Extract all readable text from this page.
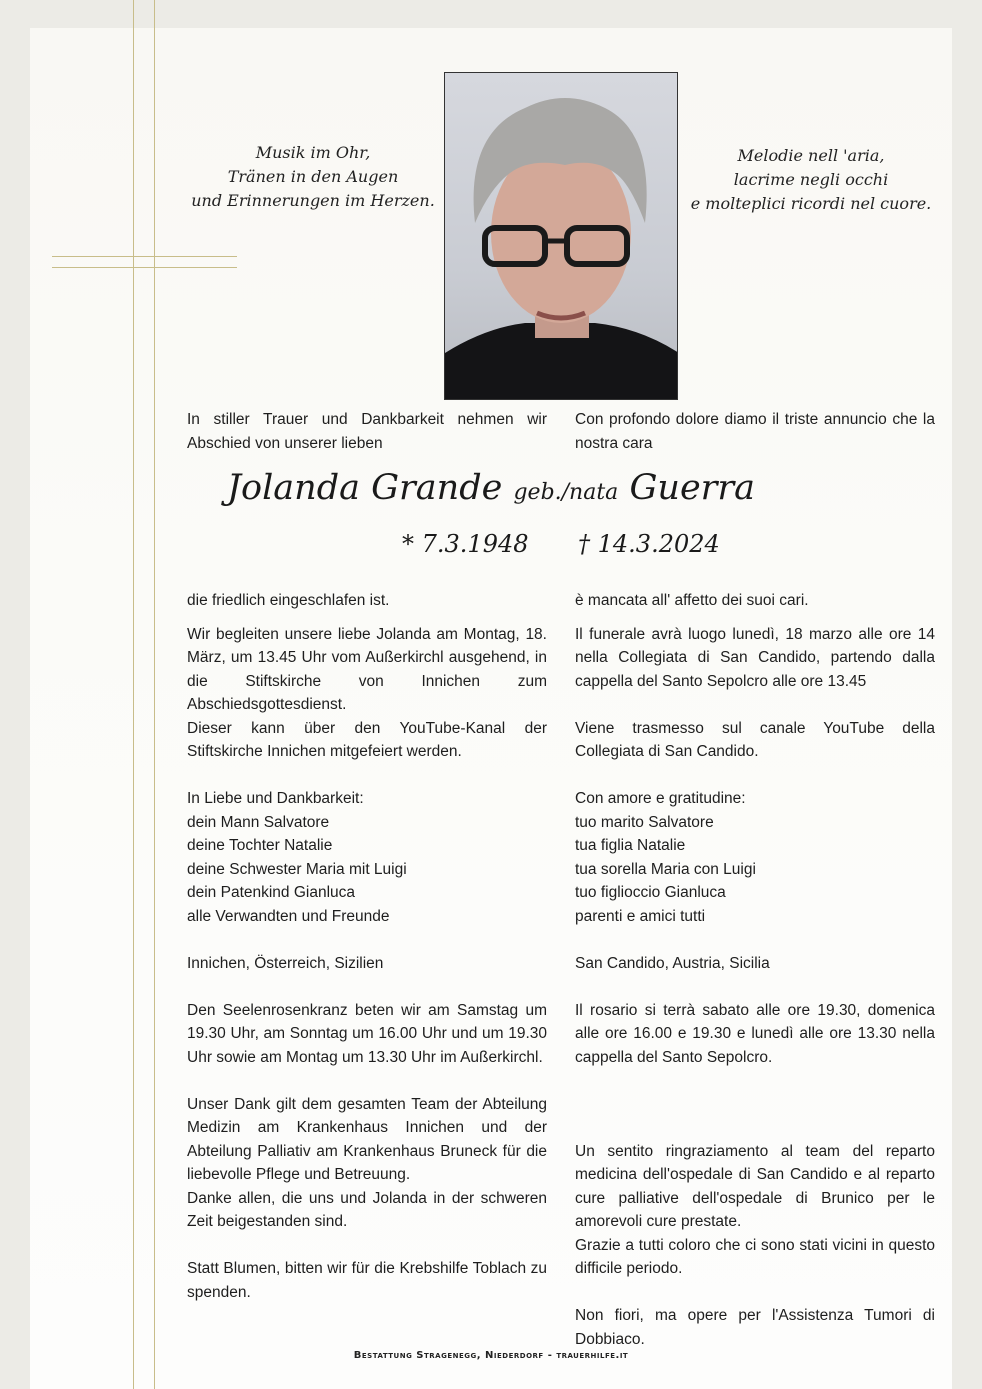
Musik im Ohr,
Tränen in den Augen
und Erinnerungen im Herzen.
Melodie nell 'aria,
lacrime negli occhi
e molteplici ricordi nel cuore.

In stiller Trauer und Dankbarkeit nehmen wir Abschied von unserer lieben

Con profondo dolore diamo il triste annuncio che la nostra cara

Jolanda Grande geb./nata Guerra
* 7.3.1948 † 14.3.2024

die friedlich eingeschlafen ist.

Wir begleiten unsere liebe Jolanda am Montag, 18. März, um 13.45 Uhr vom Außerkirchl ausgehend, in die Stiftskirche von Innichen zum Abschiedsgottesdienst.

Dieser kann über den YouTube-Kanal der Stiftskirche Innichen mitgefeiert werden.

In Liebe und Dankbarkeit:

dein Mann Salvatore

deine Tochter Natalie

deine Schwester Maria mit Luigi

dein Patenkind Gianluca

alle Verwandten und Freunde

Innichen, Österreich, Sizilien

Den Seelenrosenkranz beten wir am Samstag um 19.30 Uhr, am Sonntag um 16.00 Uhr und um 19.30 Uhr sowie am Montag um 13.30 Uhr im Außerkirchl.

Unser Dank gilt dem gesamten Team der Abteilung Medizin am Krankenhaus Innichen und der Abteilung Palliativ am Krankenhaus Bruneck für die liebevolle Pflege und Betreuung.

Danke allen, die uns und Jolanda in der schweren Zeit beigestanden sind.

Statt Blumen, bitten wir für die Krebshilfe Toblach zu spenden.

è mancata all' affetto dei suoi cari.

Il funerale avrà luogo lunedì, 18 marzo alle ore 14 nella Collegiata di San Candido, partendo dalla cappella del Santo Sepolcro alle ore 13.45

Viene trasmesso sul canale YouTube della Collegiata di San Candido.

Con amore e gratitudine:

tuo marito Salvatore

tua figlia Natalie

tua sorella Maria con Luigi

tuo figlioccio Gianluca

parenti e amici tutti

San Candido, Austria, Sicilia

Il rosario si terrà sabato alle ore 19.30, domenica alle ore 16.00 e 19.30 e lunedì alle ore 13.30 nella cappella del Santo Sepolcro.

Un sentito ringraziamento al team del reparto medicina dell'ospedale di San Candido e al reparto cure palliative dell'ospedale di Brunico per le amorevoli cure prestate.

Grazie a tutti coloro che ci sono stati vicini in questo difficile periodo.

Non fiori, ma opere per l'Assistenza Tumori di Dobbiaco.

Bestattung Stragenegg, Niederdorf - trauerhilfe.it
